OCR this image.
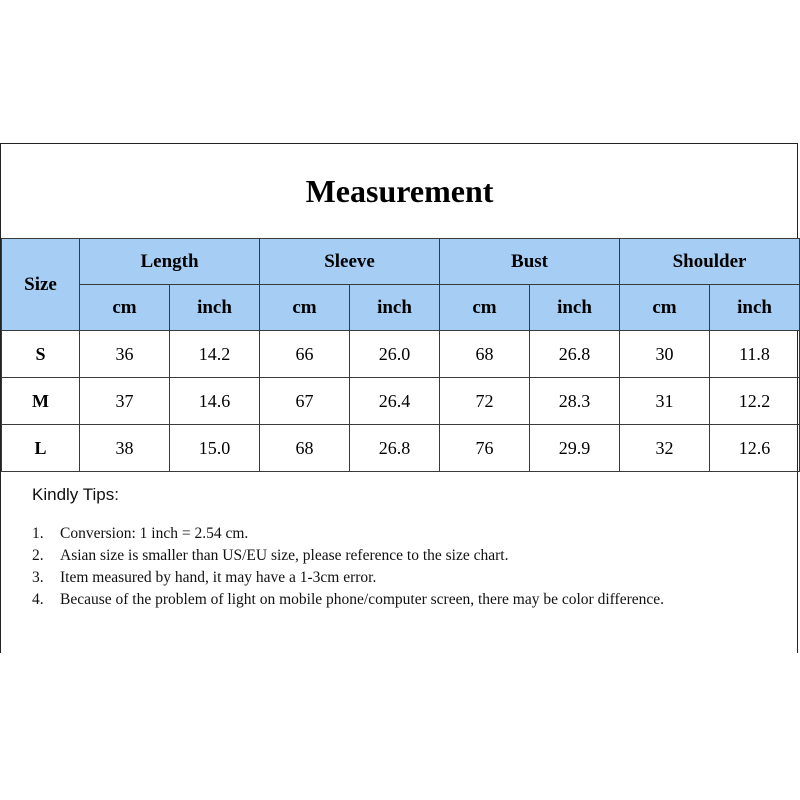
Measurement
Size	Length		Sleeve		Bust		Shoulder	
	cm	inch	cm	inch	cm	inch	cm	inch
S	36	14.2	66	26.0	68	26.8	30	11.8
M	37	14.6	67	26.4	72	28.3	31	12.2
L	38	15.0	68	26.8	76	29.9	32	12.6
Kindly Tips:
1. Conversion: 1 inch = 2.54 cm.
2. Asian size is smaller than US/EU size, please reference to the size chart.
3. Item measured by hand, it may have a 1-3cm error.
4. Because of the problem of light on mobile phone/computer screen, there may be color difference.
